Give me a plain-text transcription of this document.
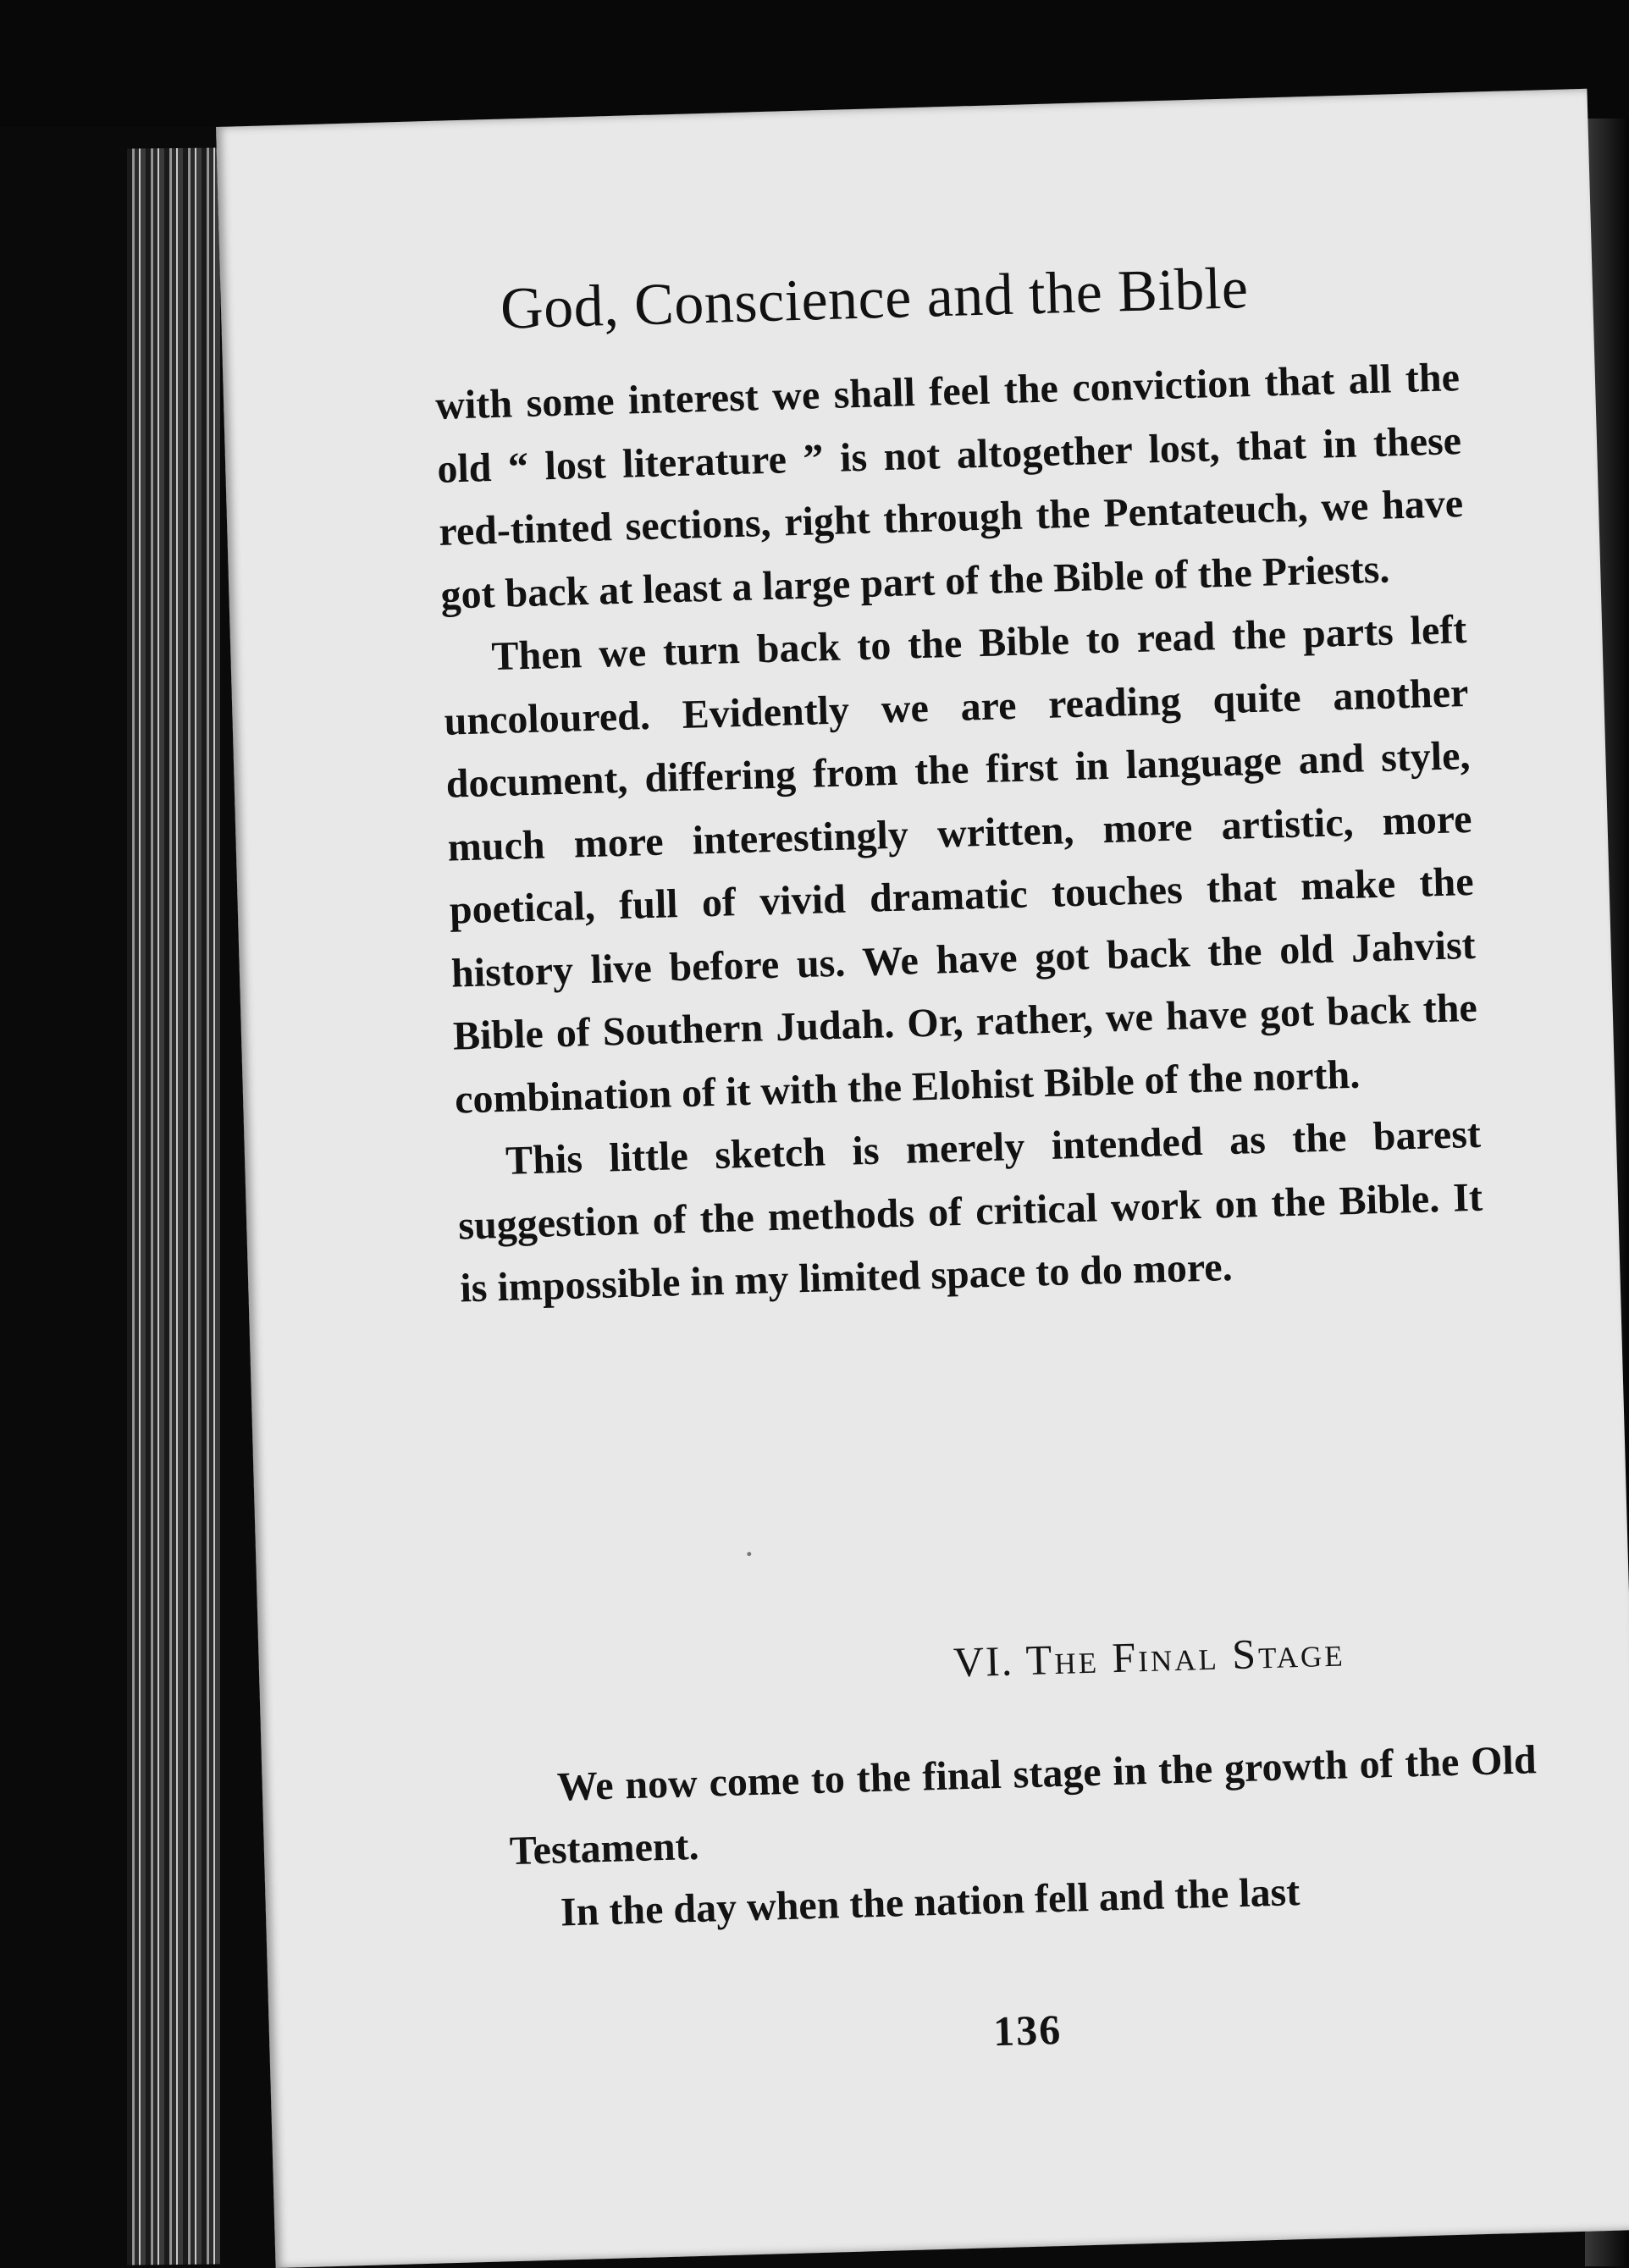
God, Conscience and the Bible

with some interest we shall feel the conviction that all the old “ lost literature ” is not altogether lost, that in these red-tinted sections, right through the Pentateuch, we have got back at least a large part of the Bible of the Priests.

Then we turn back to the Bible to read the parts left uncoloured. Evidently we are reading quite another document, differing from the first in language and style, much more interestingly written, more artistic, more poetical, full of vivid dramatic touches that make the history live before us. We have got back the old Jahvist Bible of Southern Judah. Or, rather, we have got back the combination of it with the Elohist Bible of the north.

This little sketch is merely intended as the barest suggestion of the methods of critical work on the Bible. It is impossible in my limited space to do more.

VI. The Final Stage

We now come to the final stage in the growth of the Old Testament.

In the day when the nation fell and the last

136
